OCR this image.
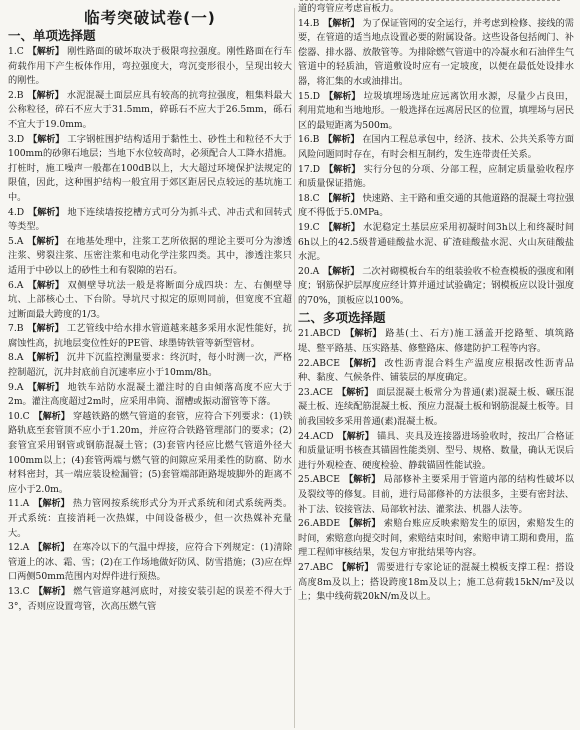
临考突破试卷(一)
一、单项选择题

1.C 【解析】 刚性路面的破坏取决于极限弯拉强度。刚性路面在行车荷载作用下产生板体作用，弯拉强度大，弯沉变形很小，呈现出较大的刚性。

2.B 【解析】 水泥混凝土面层应具有较高的抗弯拉强度，粗集料最大公称粒径，碎石不应大于31.5mm，碎砾石不应大于26.5mm，砾石不宜大于19.0mm。

3.D 【解析】 工字钢桩围护结构适用于黏性土、砂性土和粒径不大于100mm的砂卵石地层；当地下水位较高时，必须配合人工降水措施。打桩时，施工噪声一般都在100dB以上，大大超过环境保护法规定的限值，因此，这种围护结构一般宜用于郊区距居民点较远的基坑施工中。

4.D 【解析】 地下连续墙按挖槽方式可分为抓斗式、冲击式和回转式等类型。

5.A 【解析】 在地基处理中，注浆工艺所依据的理论主要可分为渗透注浆、劈裂注浆、压密注浆和电动化学注浆四类。其中，渗透注浆只适用于中砂以上的砂性土和有裂隙的岩石。

6.A 【解析】 双侧壁导坑法一般是将断面分成四块：左、右侧壁导坑、上部核心土、下台阶。导坑尺寸拟定的原则同前，但宽度不宜超过断面最大跨度的1/3。

7.B 【解析】 工艺管线中给水排水管道越来越多采用水泥性能好，抗腐蚀性高，抗地层变位性好的PE管、球墨铸铁管等新型管材。

8.A 【解析】 沉井下沉监控测量要求：终沉时，每小时测一次，严格控制超沉，沉井封底前自沉速率应小于10mm/8h。

9.A 【解析】 地铁车站防水混凝土灌注时的自由倾落高度不应大于2m。灌注高度超过2m时，应采用串筒、溜槽或振动溜管等下落。

10.C 【解析】 穿越铁路的燃气管道的套管，应符合下列要求：(1)铁路轨底至套管顶不应小于1.20m，并应符合铁路管理部门的要求；(2)套管宜采用钢管或钢筋混凝土管；(3)套管内径应比燃气管道外径大100mm以上；(4)套管两端与燃气管的间隙应采用柔性的防腐、防水材料密封，其一端应装设检漏管；(5)套管端部距路堤坡脚外的距离不应小于2.0m。

11.A 【解析】 热力管网按系统形式分为开式系统和闭式系统两类。开式系统：直接消耗一次热媒，中间设备极少，但一次热媒补充量大。

12.A 【解析】 在寒冷以下的气温中焊接，应符合下列规定：(1)清除管道上的冰、霜、雪；(2)在工作场地做好防风、防雪措施；(3)应在焊口两侧50mm范围内对焊件进行预热。

13.C 【解析】 燃气管道穿越河底时，对接安装引起的误差不得大于3°，否则应设置弯管，次高压燃气管

道的弯管应考虑盲板力。

14.B 【解析】 为了保证管网的安全运行，并考虑到检修、接线的需要，在管道的适当地点设置必要的附属设备。这些设备包括阀门、补偿器、排水器、放散管等。为排除燃气管道中的冷凝水和石油伴生气管道中的轻质油，管道敷设时应有一定坡度，以便在最低处设排水器，将汇集的水或油排出。

15.D 【解析】 垃圾填埋场选址应远离饮用水源，尽量少占良田，利用荒地和当地地形。一般选择在远离居民区的位置，填埋场与居民区的最短距离为500m。

16.B 【解析】 在国内工程总承包中，经济、技术、公共关系等方面风险问题同时存在，有时会相互制约，发生连带责任关系。

17.D 【解析】 实行分包的分项、分部工程，应制定质量验收程序和质量保证措施。

18.C 【解析】 快速路、主干路和重交通的其他道路的混凝土弯拉强度不得低于5.0MPa。

19.C 【解析】 水泥稳定土基层应采用初凝时间3h以上和终凝时间6h以上的42.5级普通硅酸盐水泥、矿渣硅酸盐水泥、火山灰硅酸盐水泥。

20.A 【解析】 二次衬砌模板台车的组装验收不检查模板的强度和刚度；钢筋保护层厚度应经计算并通过试验确定；钢模板应以设计强度的70%，顶板应以100%。

二、多项选择题

21.ABCD 【解析】 路基(土、石方)施工涵盖开挖路堑、填筑路堤、整平路基、压实路基、修整路床、修建防护工程等内容。

22.ABCE 【解析】 改性沥青混合料生产温度应根据改性沥青品种、黏度、气候条件、铺装层的厚度确定。

23.ACE 【解析】 面层混凝土板常分为普通(素)混凝土板、碾压混凝土板、连续配筋混凝土板、预应力混凝土板和钢筋混凝土板等。目前我国较多采用普通(素)混凝土板。

24.ACD 【解析】 锚具、夹具及连接器进场验收时，按出厂合格证和质量证明书核查其锚固性能类别、型号、规格、数量，确认无误后进行外观检查、硬度检验、静载锚固性能试验。

25.ABCE 【解析】 局部修补主要采用于管道内部的结构性破坏以及裂纹等的修复。目前，进行局部修补的方法很多，主要有密封法、补丁法、铰接管法、局部软衬法、灌浆法、机器人法等。

26.ABDE 【解析】 索赔台账应反映索赔发生的原因，索赔发生的时间，索赔意向提交时间，索赔结束时间，索赔申请工期和费用，监理工程师审核结果，发包方审批结果等内容。

27.ABC 【解析】 需要进行专家论证的混凝土模板支撑工程：搭设高度8m及以上；搭设跨度18m及以上；施工总荷载15kN/m²及以上；集中线荷载20kN/m及以上。
